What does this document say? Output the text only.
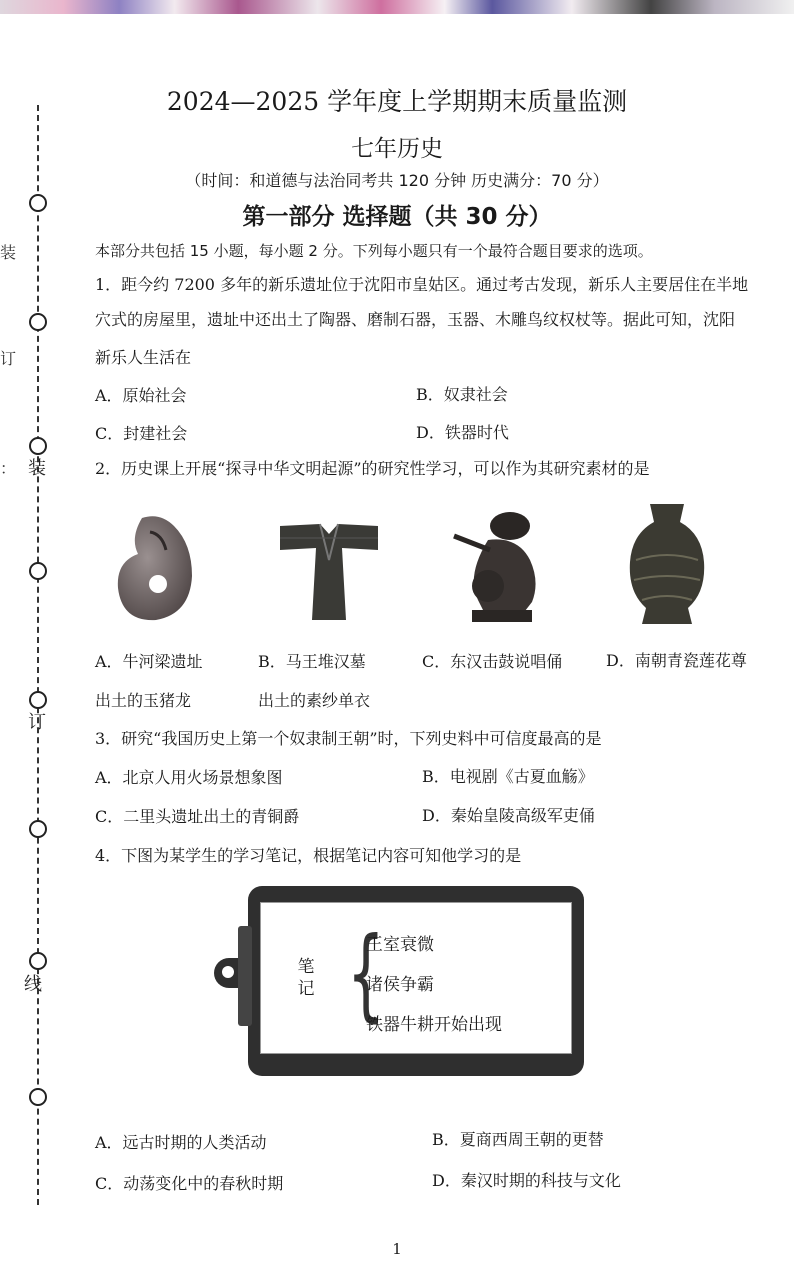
装
订
线
装
订
：
2024—2025 学年度上学期期末质量监测
七年历史
（时间：和道德与法治同考共 120 分钟 历史满分：70 分）
第一部分 选择题（共 30 分）
本部分共包括 15 小题，每小题 2 分。下列每小题只有一个最符合题目要求的选项。
1．距今约 7200 多年的新乐遗址位于沈阳市皇姑区。通过考古发现，新乐人主要居住在半地
穴式的房屋里，遗址中还出土了陶器、磨制石器，玉器、木雕鸟纹权杖等。据此可知，沈阳
新乐人生活在
A．原始社会	B．奴隶社会
C．封建社会	D．铁器时代
2．历史课上开展“探寻中华文明起源”的研究性学习，可以作为其研究素材的是
A．牛河梁遗址	B．马王堆汉墓	C．东汉击鼓说唱俑	D．南朝青瓷莲花尊
出土的玉猪龙	出土的素纱单衣
3．研究“我国历史上第一个奴隶制王朝”时，下列史料中可信度最高的是
A．北京人用火场景想象图	B．电视剧《古夏血觞》
C．二里头遗址出土的青铜爵	D．秦始皇陵高级军吏俑
4．下图为某学生的学习笔记，根据笔记内容可知他学习的是
笔记 {
王室衰微
诸侯争霸
铁器牛耕开始出现
A．远古时期的人类活动	B．夏商西周王朝的更替
C．动荡变化中的春秋时期	D．秦汉时期的科技与文化
1
